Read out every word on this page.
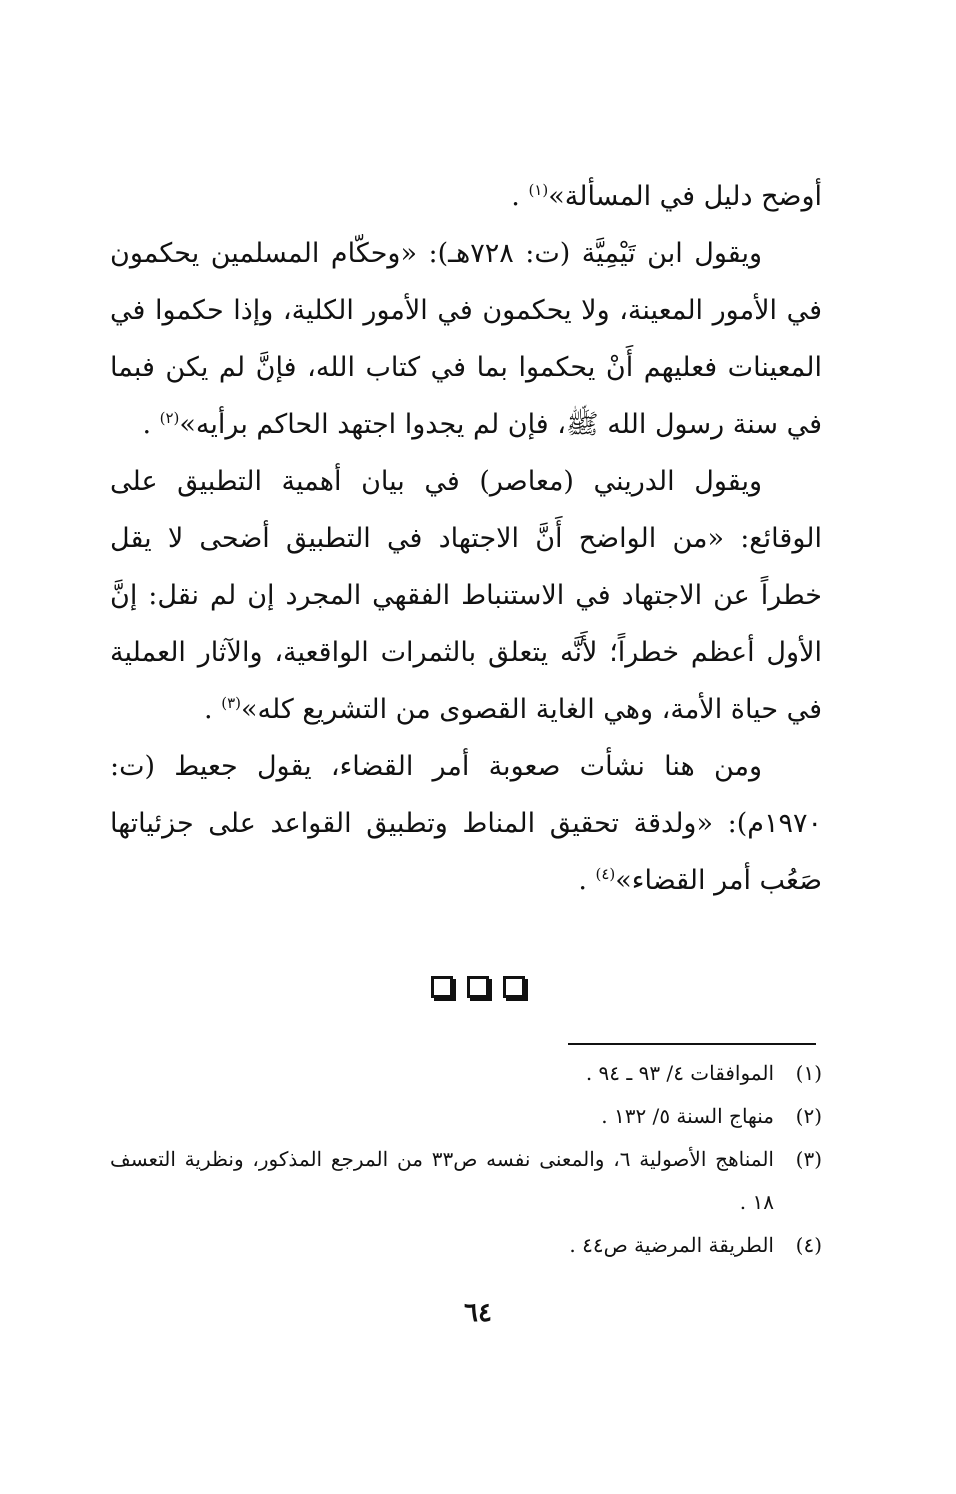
أوضح دليل في المسألة»$^{(١)}$ .

ويقول ابن تَيْمِيَّة (ت: ٧٢٨هـ): «وحكّام المسلمين يحكمون في الأمور المعينة، ولا يحكمون في الأمور الكلية، وإذا حكموا في المعينات فعليهم أَنْ يحكموا بما في كتاب الله، فإنَّ لم يكن فبما في سنة رسول الله ﷺ، فإن لم يجدوا اجتهد الحاكم برأيه»$^{(٢)}$ .

ويقول الدريني (معاصر) في بيان أهمية التطبيق على الوقائع: «من الواضح أَنَّ الاجتهاد في التطبيق أضحى لا يقل خطراً عن الاجتهاد في الاستنباط الفقهي المجرد إن لم نقل: إنَّ الأول أعظم خطراً؛ لأَنَّه يتعلق بالثمرات الواقعية، والآثار العملية في حياة الأمة، وهي الغاية القصوى من التشريع كله»$^{(٣)}$ .

ومن هنا نشأت صعوبة أمر القضاء، يقول جعيط (ت: ١٩٧٠م): «ولدقة تحقيق المناط وتطبيق القواعد على جزئياتها صَعُب أمر القضاء»$^{(٤)}$ .

(١)
الموافقات ٤/ ٩٣ ـ ٩٤ .
(٢)
منهاج السنة ٥/ ١٣٢ .
(٣)
المناهج الأصولية ٦، والمعنى نفسه ص٣٣ من المرجع المذكور، ونظرية التعسف ١٨ .
(٤)
الطريقة المرضية ص٤٤ .
٦٤
